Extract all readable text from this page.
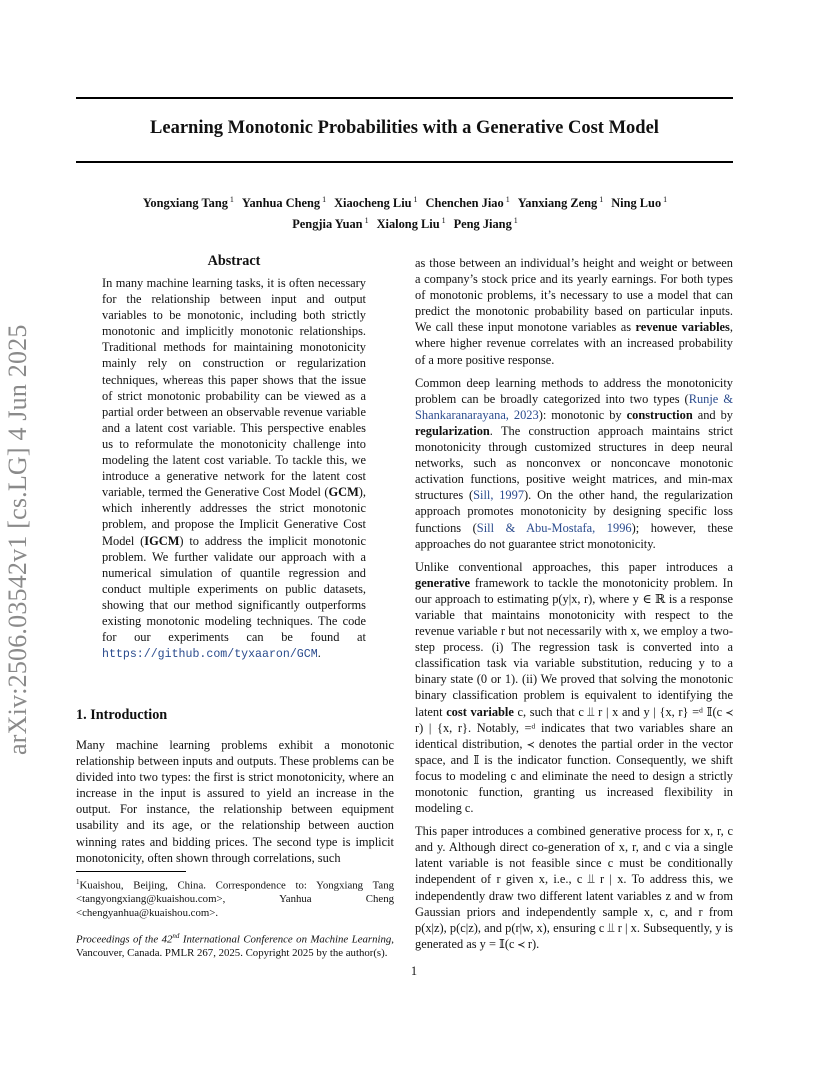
Learning Monotonic Probabilities with a Generative Cost Model
Yongxiang Tang $^1$ Yanhua Cheng $^1$ Xiaocheng Liu $^1$ Chenchen Jiao $^1$ Yanxiang Zeng $^1$ Ning Luo $^1$
Pengjia Yuan $^1$ Xialong Liu $^1$ Peng Jiang $^1$
arXiv:2506.03542v1 [cs.LG] 4 Jun 2025
Abstract
In many machine learning tasks, it is often necessary for the relationship between input and output variables to be monotonic, including both strictly monotonic and implicitly monotonic relationships. Traditional methods for maintaining monotonicity mainly rely on construction or regularization techniques, whereas this paper shows that the issue of strict monotonic probability can be viewed as a partial order between an observable revenue variable and a latent cost variable. This perspective enables us to reformulate the monotonicity challenge into modeling the latent cost variable. To tackle this, we introduce a generative network for the latent cost variable, termed the Generative Cost Model (GCM), which inherently addresses the strict monotonic problem, and propose the Implicit Generative Cost Model (IGCM) to address the implicit monotonic problem. We further validate our approach with a numerical simulation of quantile regression and conduct multiple experiments on public datasets, showing that our method significantly outperforms existing monotonic modeling techniques. The code for our experiments can be found at https://github.com/tyxaaron/GCM.
1. Introduction
Many machine learning problems exhibit a monotonic relationship between inputs and outputs. These problems can be divided into two types: the first is strict monotonicity, where an increase in the input is assured to yield an increase in the output. For instance, the relationship between equipment usability and its age, or the relationship between auction winning rates and bidding prices. The second type is implicit monotonicity, often shown through correlations, such
$^1$Kuaishou, Beijing, China. Correspondence to: Yongxiang Tang <tangyongxiang@kuaishou.com>, Yanhua Cheng <chengyanhua@kuaishou.com>.
Proceedings of the 42nd International Conference on Machine Learning, Vancouver, Canada. PMLR 267, 2025. Copyright 2025 by the author(s).

as those between an individual’s height and weight or between a company’s stock price and its yearly earnings. For both types of monotonic problems, it’s necessary to use a model that can predict the monotonic probability based on particular inputs. We call these input monotone variables as revenue variables, where higher revenue correlates with an increased probability of a more positive response.

Common deep learning methods to address the monotonicity problem can be broadly categorized into two types (Runje & Shankaranarayana, 2023): monotonic by construction and by regularization. The construction approach maintains strict monotonicity through customized structures in deep neural networks, such as nonconvex or nonconcave monotonic activation functions, positive weight matrices, and min-max structures (Sill, 1997). On the other hand, the regularization approach promotes monotonicity by designing specific loss functions (Sill & Abu-Mostafa, 1996); however, these approaches do not guarantee strict monotonicity.

Unlike conventional approaches, this paper introduces a generative framework to tackle the monotonicity problem. In our approach to estimating p(y|x, r), where y ∈ ℝ is a response variable that maintains monotonicity with respect to the revenue variable r but not necessarily with x, we employ a two-step process. (i) The regression task is converted into a classification task via variable substitution, reducing y to a binary state (0 or 1). (ii) We proved that solving the monotonic binary classification problem is equivalent to identifying the latent cost variable c, such that c ⫫ r | x and y | {x, r} =ᵈ 𝕀(c ≺ r) | {x, r}. Notably, =ᵈ indicates that two variables share an identical distribution, ≺ denotes the partial order in the vector space, and 𝕀 is the indicator function. Consequently, we shift focus to modeling c and eliminate the need to design a strictly monotonic function, granting us increased flexibility in modeling c.

This paper introduces a combined generative process for x, r, c and y. Although direct co-generation of x, r, and c via a single latent variable is not feasible since c must be conditionally independent of r given x, i.e., c ⫫ r | x. To address this, we independently draw two different latent variables z and w from Gaussian priors and independently sample x, c, and r from p(x|z), p(c|z), and p(r|w, x), ensuring c ⫫ r | x. Subsequently, y is generated as y = 𝕀(c ≺ r).

1
